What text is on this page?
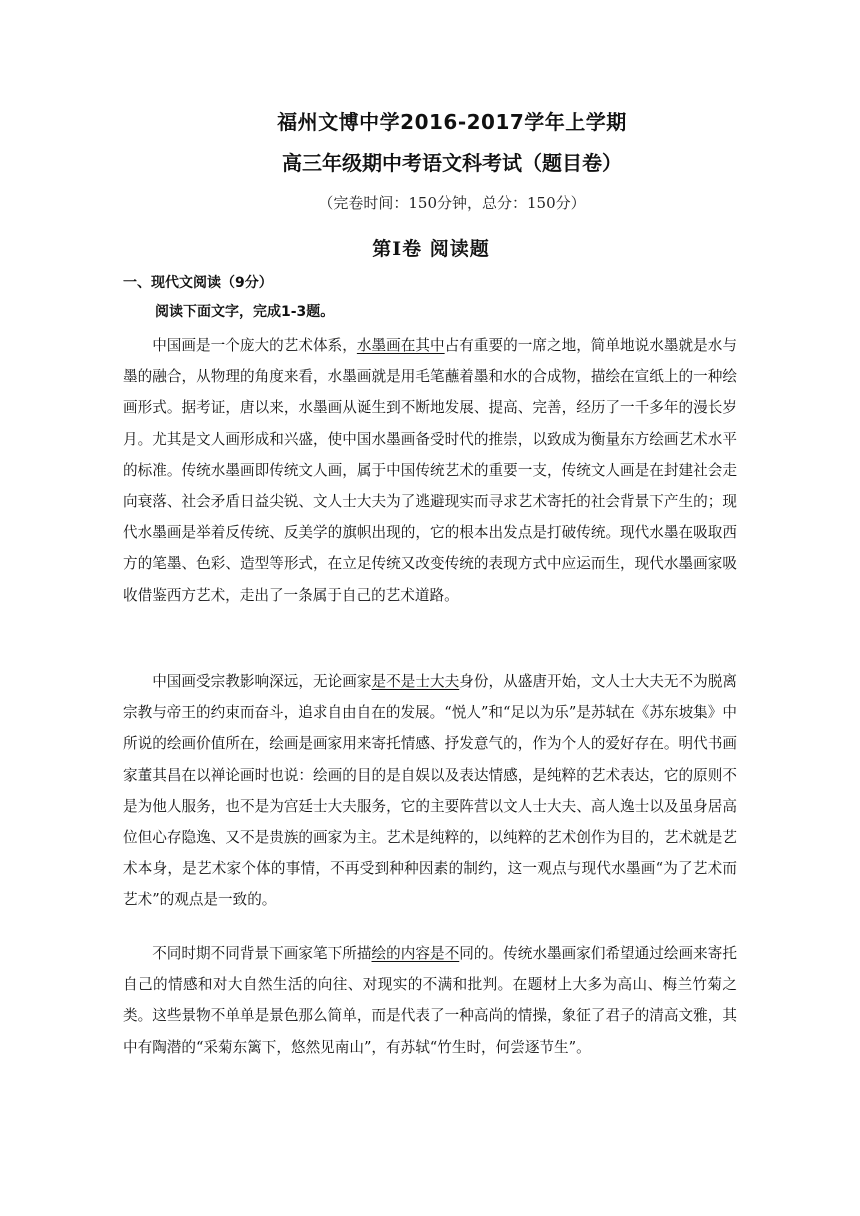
福州文博中学2016-2017学年上学期
高三年级期中考语文科考试（题目卷）
（完卷时间：150分钟，总分：150分）
第Ⅰ卷 阅读题
一、现代文阅读（9分）
阅读下面文字，完成1-3题。

中国画是一个庞大的艺术体系，水墨画在其中占有重要的一席之地，简单地说水墨就是水与墨的融合，从物理的角度来看，水墨画就是用毛笔蘸着墨和水的合成物，描绘在宣纸上的一种绘画形式。据考证，唐以来，水墨画从诞生到不断地发展、提高、完善，经历了一千多年的漫长岁月。尤其是文人画形成和兴盛，使中国水墨画备受时代的推崇，以致成为衡量东方绘画艺术水平的标准。传统水墨画即传统文人画，属于中国传统艺术的重要一支，传统文人画是在封建社会走向衰落、社会矛盾日益尖锐、文人士大夫为了逃避现实而寻求艺术寄托的社会背景下产生的；现代水墨画是举着反传统、反美学的旗帜出现的，它的根本出发点是打破传统。现代水墨在吸取西方的笔墨、色彩、造型等形式，在立足传统又改变传统的表现方式中应运而生，现代水墨画家吸收借鉴西方艺术，走出了一条属于自己的艺术道路。

中国画受宗教影响深远，无论画家是不是士大夫身份，从盛唐开始，文人士大夫无不为脱离宗教与帝王的约束而奋斗，追求自由自在的发展。“悦人”和“足以为乐”是苏轼在《苏东坡集》中所说的绘画价值所在，绘画是画家用来寄托情感、抒发意气的，作为个人的爱好存在。明代书画家董其昌在以禅论画时也说：绘画的目的是自娱以及表达情感，是纯粹的艺术表达，它的原则不是为他人服务，也不是为宫廷士大夫服务，它的主要阵营以文人士大夫、高人逸士以及虽身居高位但心存隐逸、又不是贵族的画家为主。艺术是纯粹的，以纯粹的艺术创作为目的，艺术就是艺术本身，是艺术家个体的事情，不再受到种种因素的制约，这一观点与现代水墨画“为了艺术而艺术”的观点是一致的。

不同时期不同背景下画家笔下所描绘的内容是不同的。传统水墨画家们希望通过绘画来寄托自己的情感和对大自然生活的向往、对现实的不满和批判。在题材上大多为高山、梅兰竹菊之类。这些景物不单单是景色那么简单，而是代表了一种高尚的情操，象征了君子的清高文雅，其中有陶潜的“采菊东篱下，悠然见南山”，有苏轼“竹生时，何尝逐节生”。
